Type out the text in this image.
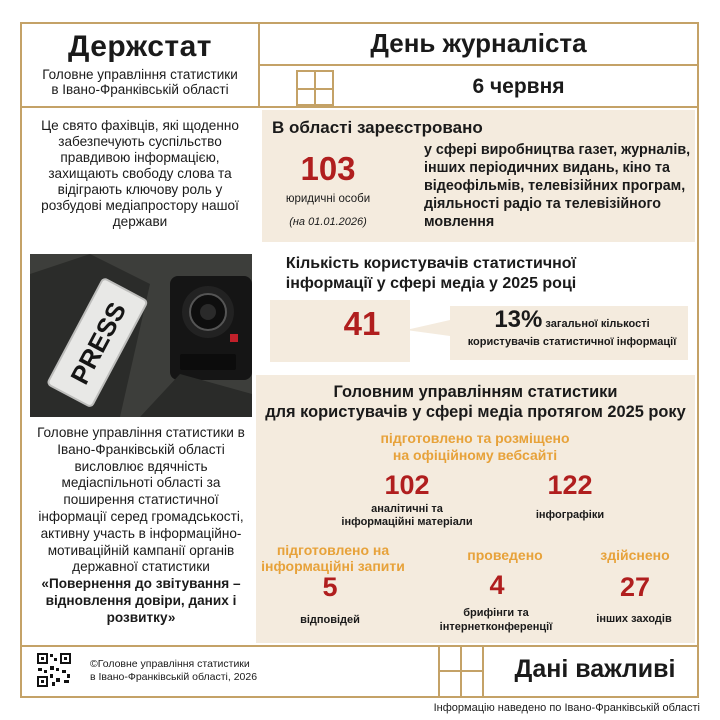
Держстат
Головне управління статистики
в Івано-Франківській області
День журналіста
6 червня
Це свято фахівців, які щоденно забезпечують суспільство правдивою інформацією, захищають свободу слова та відіграють ключову роль у розбудові медіапростору нашої держави
PRESS
Головне управління статистики в Івано-Франківській області висловлює вдячність медіаспільноті області за поширення статистичної інформації серед громадськості, активну участь в інформаційно-мотиваційній кампанії органів державної статистики «Повернення до звітування – відновлення довіри, даних і розвитку»
В області зареєстровано
103
юридичні особи
(на 01.01.2026)
у сфері виробництва газет, журналів, інших періодичних видань, кіно та відеофільмів, телевізійних програм, діяльності радіо та телевізійного мовлення
Кількість користувачів статистичної
інформації у сфері медіа у 2025 році
41	13% загальної кількості
користувачів статистичної інформації
Головним управлінням статистики
для користувачів у сфері медіа протягом 2025 року
підготовлено та розміщено
на офіційному вебсайті
102
аналітичні та
інформаційні матеріали
122
інфографіки
підготовлено на
інформаційні запити
5
відповідей
проведено
4
брифінги та
інтернетконференції
здійснено
27
інших заходів
©Головне управління статистики
в Івано-Франківській області, 2026	Дані важливі
Інформацію наведено по Івано-Франківській області
